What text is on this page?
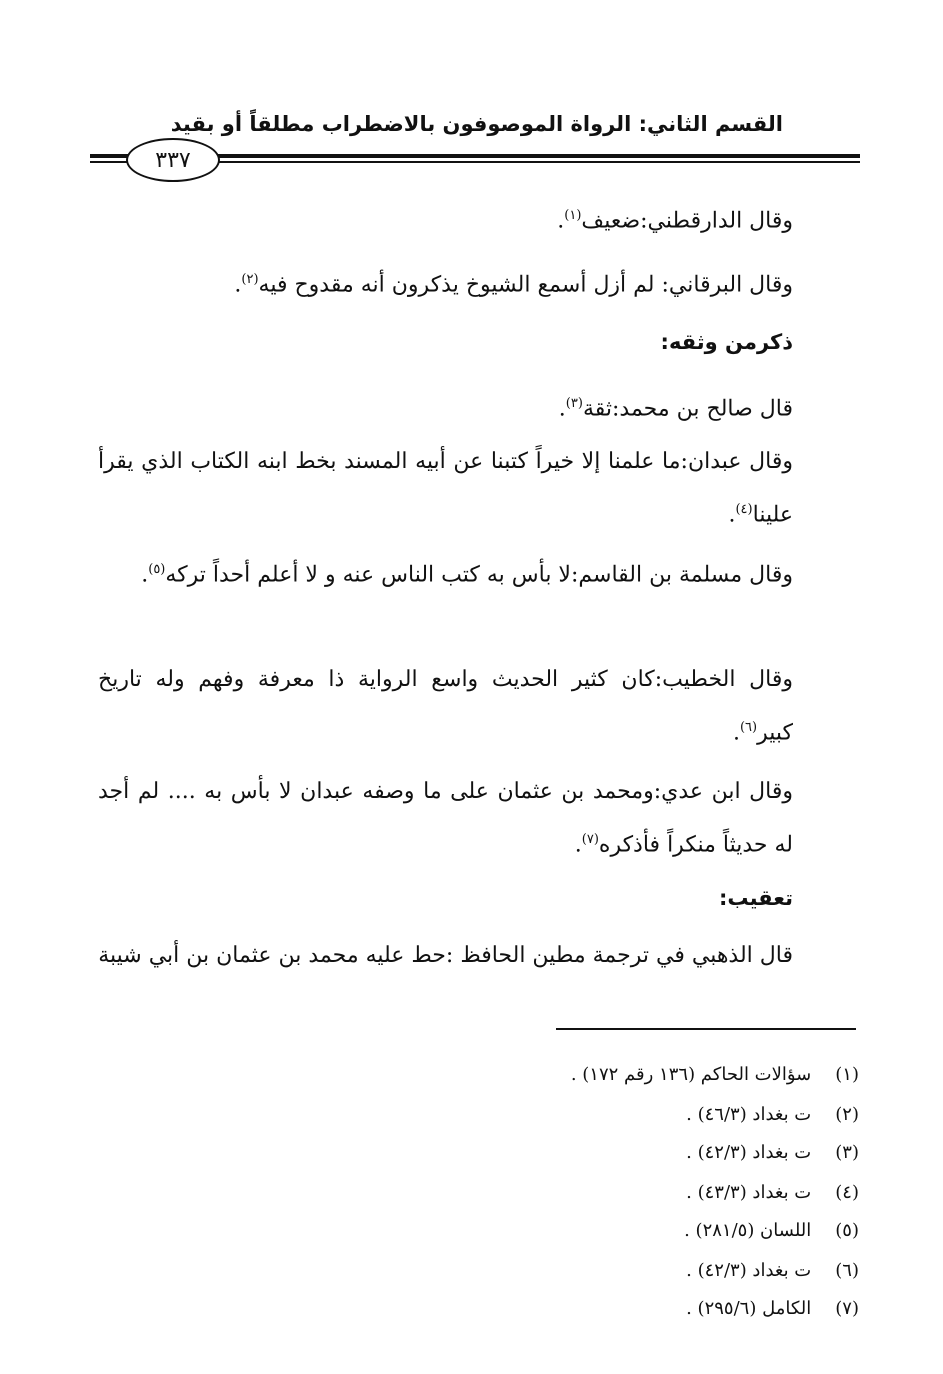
القسم الثاني: الرواة الموصوفون بالاضطراب مطلقاً أو بقيد
٣٣٧
وقال الدارقطني:ضعيف$^{(١)}$.
وقال البرقاني: لم أزل أسمع الشيوخ يذكرون أنه مقدوح فيه$^{(٢)}$.
ذكرمن وثقه:
قال صالح بن محمد:ثقة$^{(٣)}$.
وقال عبدان:ما علمنا إلا خيراً كتبنا عن أبيه المسند بخط ابنه الكتاب الذي يقرأ علينا$^{(٤)}$.
وقال مسلمة بن القاسم:لا بأس به كتب الناس عنه و لا أعلم أحداً تركه$^{(٥)}$.
وقال الخطيب:كان كثير الحديث واسع الرواية ذا معرفة وفهم وله تاريخ كبير$^{(٦)}$.
وقال ابن عدي:ومحمد بن عثمان على ما وصفه عبدان لا بأس به .... لم أجد له حديثاً منكراً فأذكره$^{(٧)}$.
تعقيب:
قال الذهبي في ترجمة مطين الحافظ :حط عليه محمد بن عثمان بن أبي شيبة
(١) سؤالات الحاكم (١٣٦ رقم ١٧٢) .
(٢) ت بغداد (٤٦/٣) .
(٣) ت بغداد (٤٢/٣) .
(٤) ت بغداد (٤٣/٣) .
(٥) اللسان (٢٨١/٥) .
(٦) ت بغداد (٤٢/٣) .
(٧) الكامل (٢٩٥/٦) .
